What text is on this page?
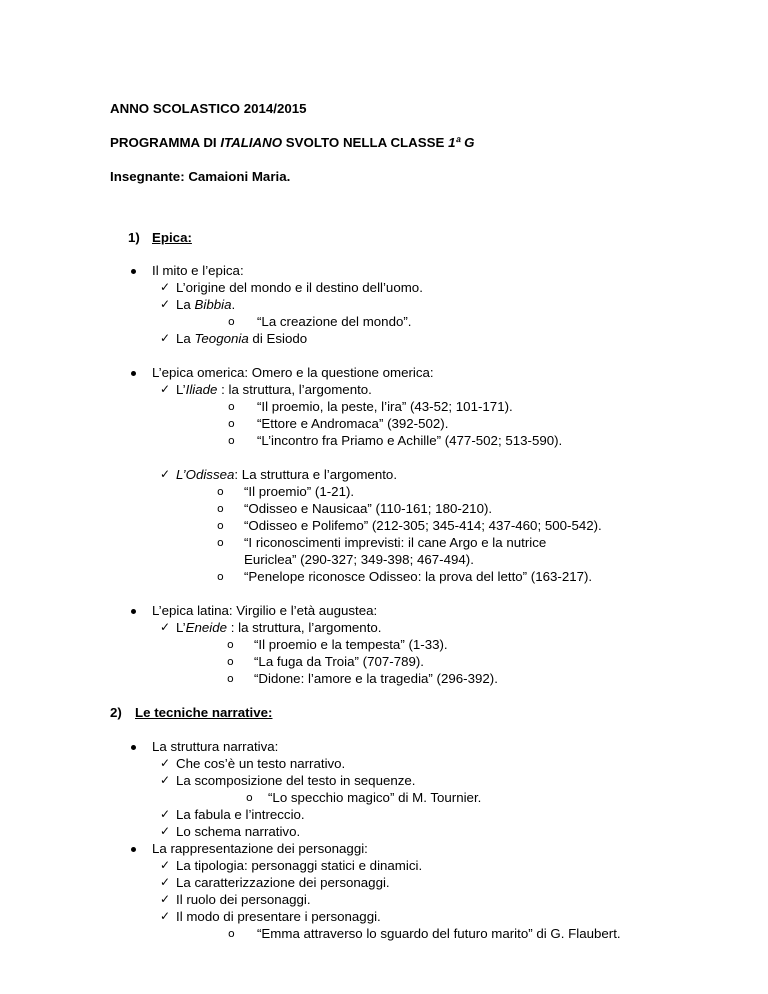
ANNO SCOLASTICO 2014/2015
PROGRAMMA DI ITALIANO SVOLTO NELLA CLASSE 1ª G
Insegnante: Camaioni Maria.
1) Epica:
Il mito e l’epica:
✓ L’origine del mondo e il destino dell’uomo.
✓ La Bibbia.
o “La creazione del mondo”.
✓ La Teogonia di Esiodo
L’epica omerica: Omero e la questione omerica:
✓ L’Iliade : la struttura, l’argomento.
o “Il proemio, la peste, l’ira” (43-52; 101-171).
o “Ettore e Andromaca” (392-502).
o “L’incontro fra Priamo e Achille” (477-502; 513-590).
✓ L’Odissea: La struttura e l’argomento.
o “Il proemio” (1-21).
o “Odisseo e Nausicaa” (110-161; 180-210).
o “Odisseo e Polifemo” (212-305; 345-414; 437-460; 500-542).
o “I riconoscimenti imprevisti: il cane Argo e la nutrice
Euriclea” (290-327; 349-398; 467-494).
o “Penelope riconosce Odisseo: la prova del letto” (163-217).
L’epica latina: Virgilio e l’età augustea:
✓ L’Eneide : la struttura, l’argomento.
o “Il proemio e la tempesta” (1-33).
o “La fuga da Troia” (707-789).
o “Didone: l’amore e la tragedia” (296-392).
2) Le tecniche narrative:
La struttura narrativa:
✓ Che cos’è un testo narrativo.
✓ La scomposizione del testo in sequenze.
o “Lo specchio magico” di M. Tournier.
✓ La fabula e l’intreccio.
✓ Lo schema narrativo.
La rappresentazione dei personaggi:
✓ La tipologia: personaggi statici e dinamici.
✓ La caratterizzazione dei personaggi.
✓ Il ruolo dei personaggi.
✓ Il modo di presentare i personaggi.
o “Emma attraverso lo sguardo del futuro marito” di G. Flaubert.
